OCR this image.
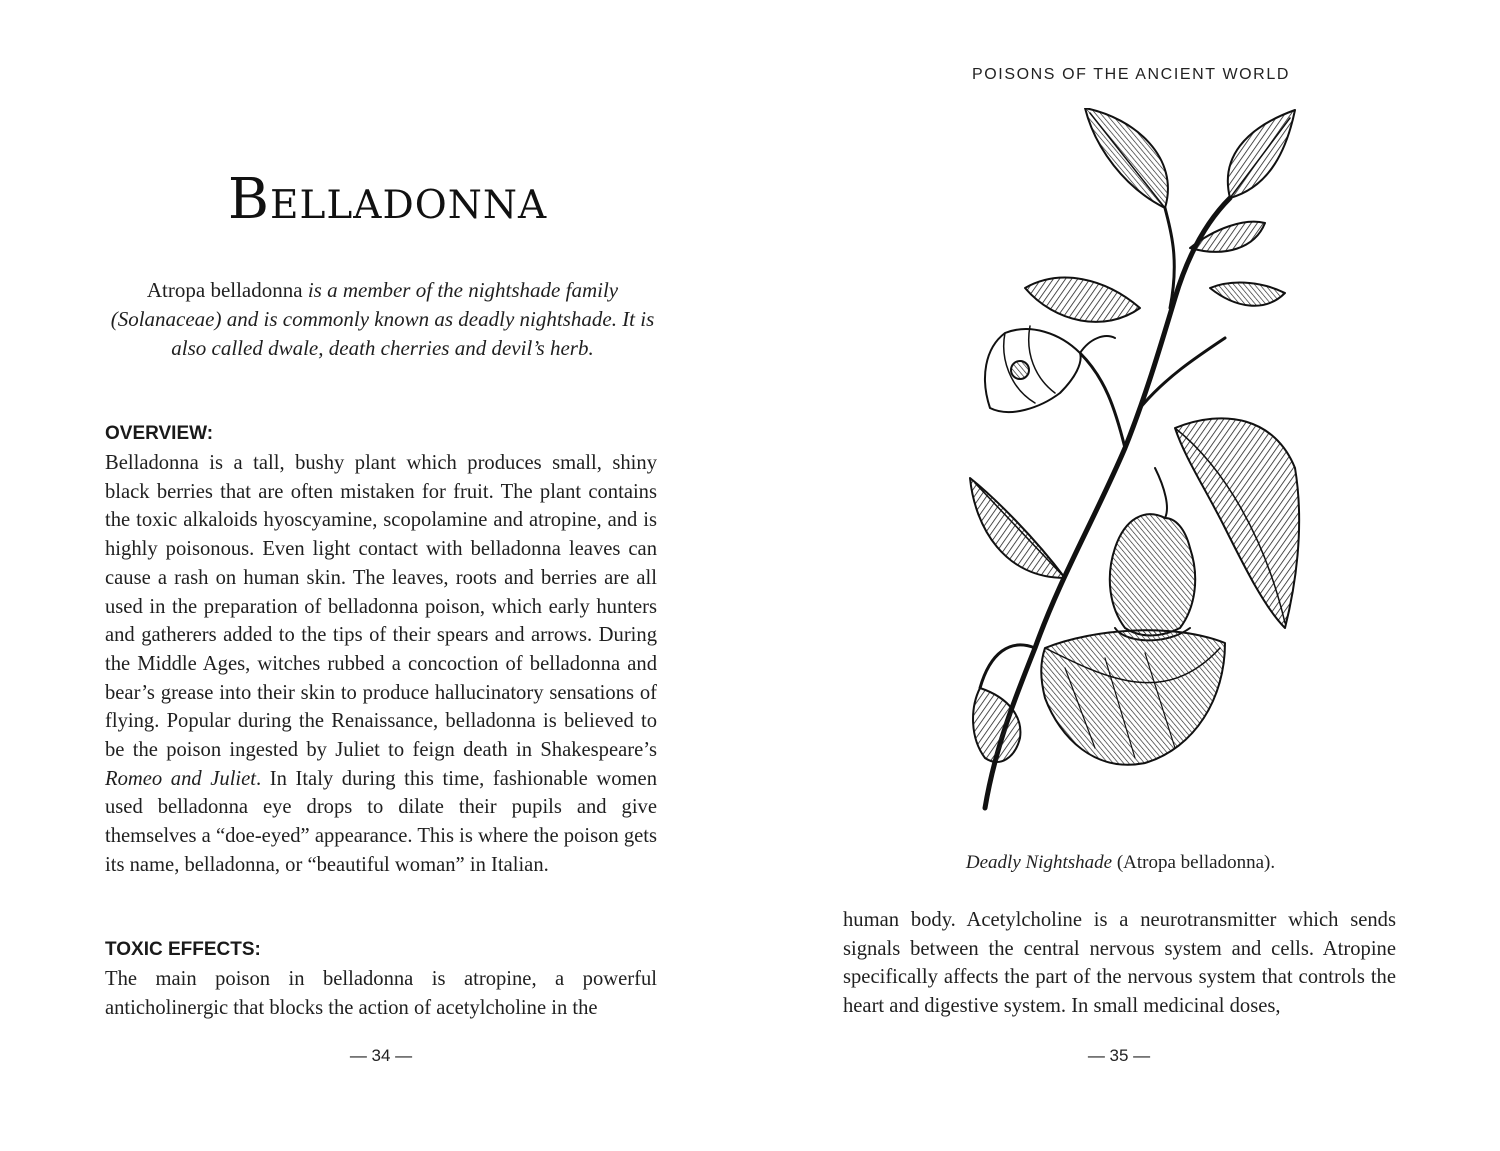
Belladonna
Atropa belladonna is a member of the nightshade family (Solanaceae) and is commonly known as deadly nightshade. It is also called dwale, death cherries and devil’s herb.
OVERVIEW:

Belladonna is a tall, bushy plant which produces small, shiny black berries that are often mistaken for fruit. The plant contains the toxic alkaloids hyoscyamine, scopolamine and atropine, and is highly poisonous. Even light contact with belladonna leaves can cause a rash on human skin. The leaves, roots and berries are all used in the preparation of belladonna poison, which early hunters and gatherers added to the tips of their spears and arrows. During the Middle Ages, witches rubbed a concoction of belladonna and bear’s grease into their skin to produce hallucinatory sensations of flying. Popular during the Renaissance, belladonna is believed to be the poison ingested by Juliet to feign death in Shakespeare’s Romeo and Juliet. In Italy during this time, fashionable women used belladonna eye drops to dilate their pupils and give themselves a “doe-eyed” appearance. This is where the poison gets its name, belladonna, or “beautiful woman” in Italian.

TOXIC EFFECTS:

The main poison in belladonna is atropine, a powerful anticholinergic that blocks the action of acetylcholine in the

— 34 —
POISONS OF THE ANCIENT WORLD
Deadly Nightshade (Atropa belladonna).

human body. Acetylcholine is a neurotransmitter which sends signals between the central nervous system and cells. Atropine specifically affects the part of the nervous system that controls the heart and digestive system. In small medicinal doses,

— 35 —
